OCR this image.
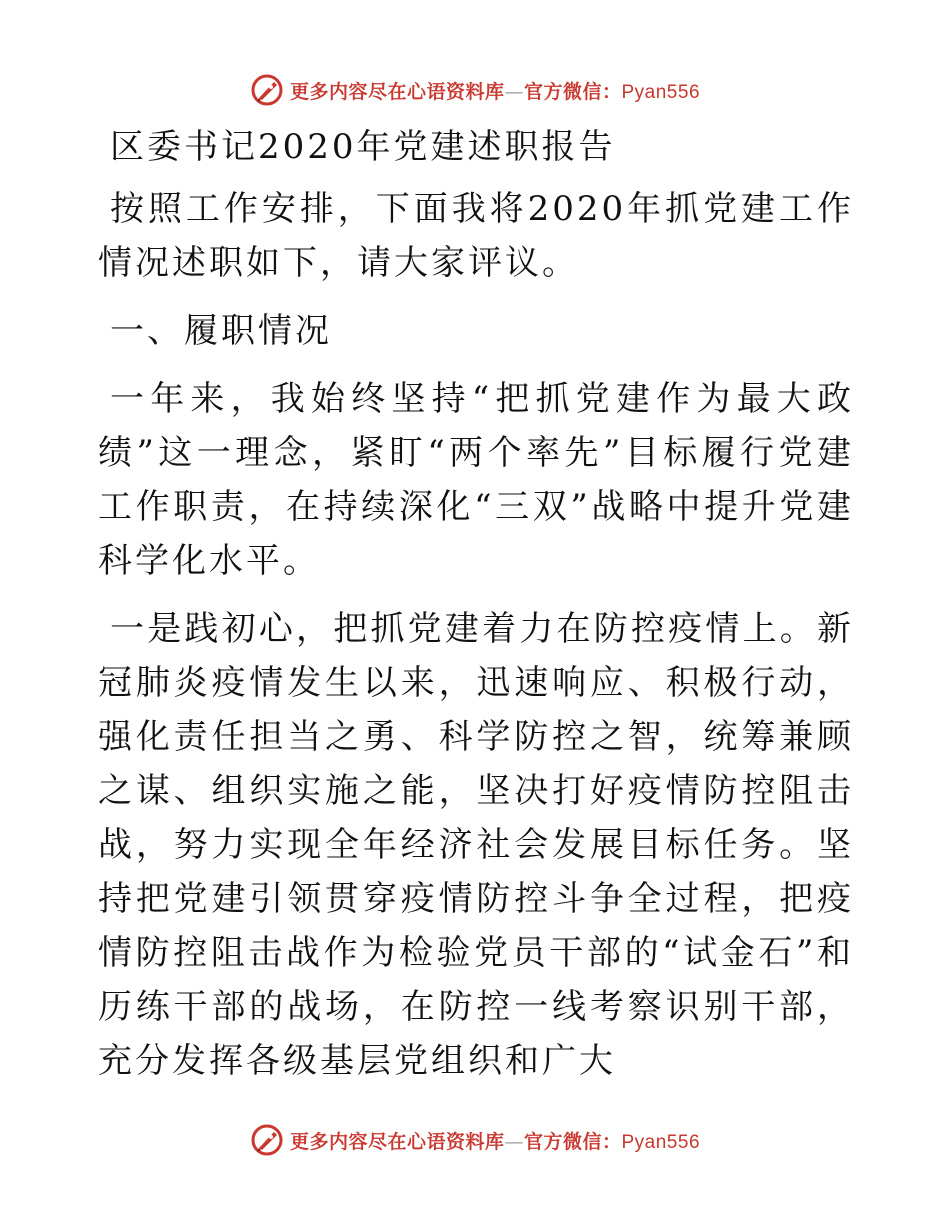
更多内容尽在心语资料库—官方微信：Pyan556
区委书记2020年党建述职报告

按照工作安排，下面我将2020年抓党建工作情况述职如下，请大家评议。

一、履职情况

一年来，我始终坚持“把抓党建作为最大政绩”这一理念，紧盯“两个率先”目标履行党建工作职责，在持续深化“三双”战略中提升党建科学化水平。

一是践初心，把抓党建着力在防控疫情上。新冠肺炎疫情发生以来，迅速响应、积极行动，强化责任担当之勇、科学防控之智，统筹兼顾之谋、组织实施之能，坚决打好疫情防控阻击战，努力实现全年经济社会发展目标任务。坚持把党建引领贯穿疫情防控斗争全过程，把疫情防控阻击战作为检验党员干部的“试金石”和历练干部的战场，在防控一线考察识别干部，充分发挥各级基层党组织和广大

更多内容尽在心语资料库—官方微信：Pyan556
